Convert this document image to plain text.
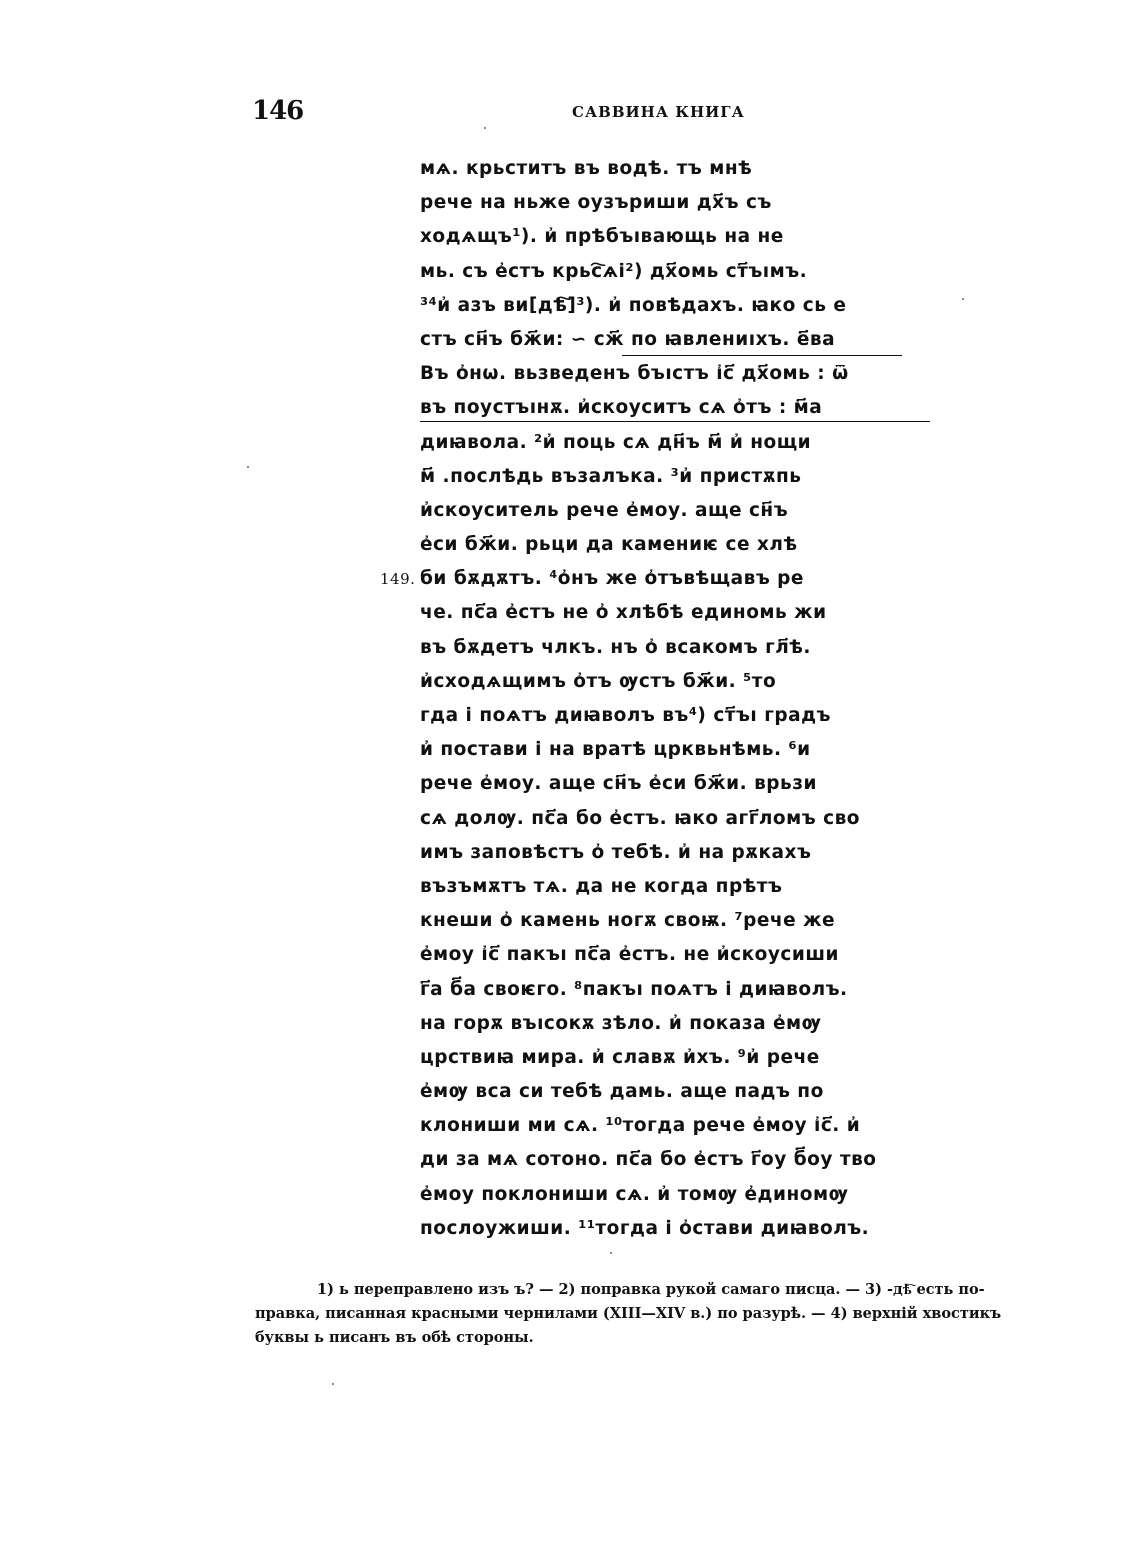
146	САВВИНА КНИГА
мѧ. крьститъ въ водѣ. тъ мнѣ
рече на ньже оузъриши дх҃ъ съ
ходѧщъ¹). и҆ прѣбъıвающь на не
мь. съ е҆стъ крьс҇ѧі²) дх҃омь ст҃ъıмъ.
³⁴и҆ азъ ви[дѣ҇]³). и҆ повѣдахъ. ꙗко сь е
стъ сн҃ъ бж҃и: ∽ сж҃ по ꙗвлениıхъ. е҃ва
Въ о҆нѡ. вьзведенъ бъıстъ і҆с҃ дх҃омь : ѿ
въ поустъıнѫ. и҆скоуситъ сѧ о҆тъ : м҃а
диꙗвола. ²и҆ поць сѧ дн҃ъ м҃ и҆ нощи
м҃ .послѣдь възалъка. ³и҆ пристѫпь
и҆скоуситель рече е҆моу. аще сн҃ъ
е҆си бж҃и. рьци да камениѥ се хлѣ
149. би бѫдѫтъ. ⁴о҆нъ же о҆тъвѣщавъ ре
че. пс҃а е҆стъ не о҆ хлѣбѣ единомь жи
въ бѫдетъ члкъ. нъ о҆ всакомъ гл҃ѣ.
и҆сходѧщимъ о҆тъ ѹстъ бж҃и. ⁵то
гда і поѧтъ диꙗволъ въ⁴) ст҃ъı градъ
и҆ постави і на вратѣ црквьнѣмь. ⁶и
рече е҆моу. аще сн҃ъ е҆си бж҃и. врьзи
сѧ долѹ. пс҃а бо е҆стъ. ꙗко агг҃ломъ сво
имъ заповѣстъ о҆ тебѣ. и҆ на рѫкахъ
възъмѫтъ тѧ. да не когда прѣтъ
кнеши о҆ камень ногѫ своѭ. ⁷рече же
е҆моу і҆с҃ пакъı пс҃а е҆стъ. не и҆скоусиши
г҃а б҃а своѥго. ⁸пакъı поѧтъ і диꙗволъ.
на горѫ въıсокѫ зѣло. и҆ показа е҆мѹ
црствиꙗ мира. и҆ славѫ и҆хъ. ⁹и҆ рече
е҆мѹ вса си тебѣ дамь. аще падъ по
клониши ми сѧ. ¹⁰тогда рече е҆моу і҆с҃. и҆
ди за мѧ сотоно. пс҃а бо е҆стъ г҃оу б҃оу тво
е҆моу поклониши сѧ. и҆ томѹ е҆диномѹ
послоужиши. ¹¹тогда і о҆стави диꙗволъ.
1) ь переправлено изъ ъ? — 2) поправка рукой самаго писца. — 3) -дѣ҇ есть по-
правка, писанная красными чернилами (XIII—XIV в.) по разурѣ. — 4) верхній хвостикъ
буквы ь писанъ въ обѣ стороны.
